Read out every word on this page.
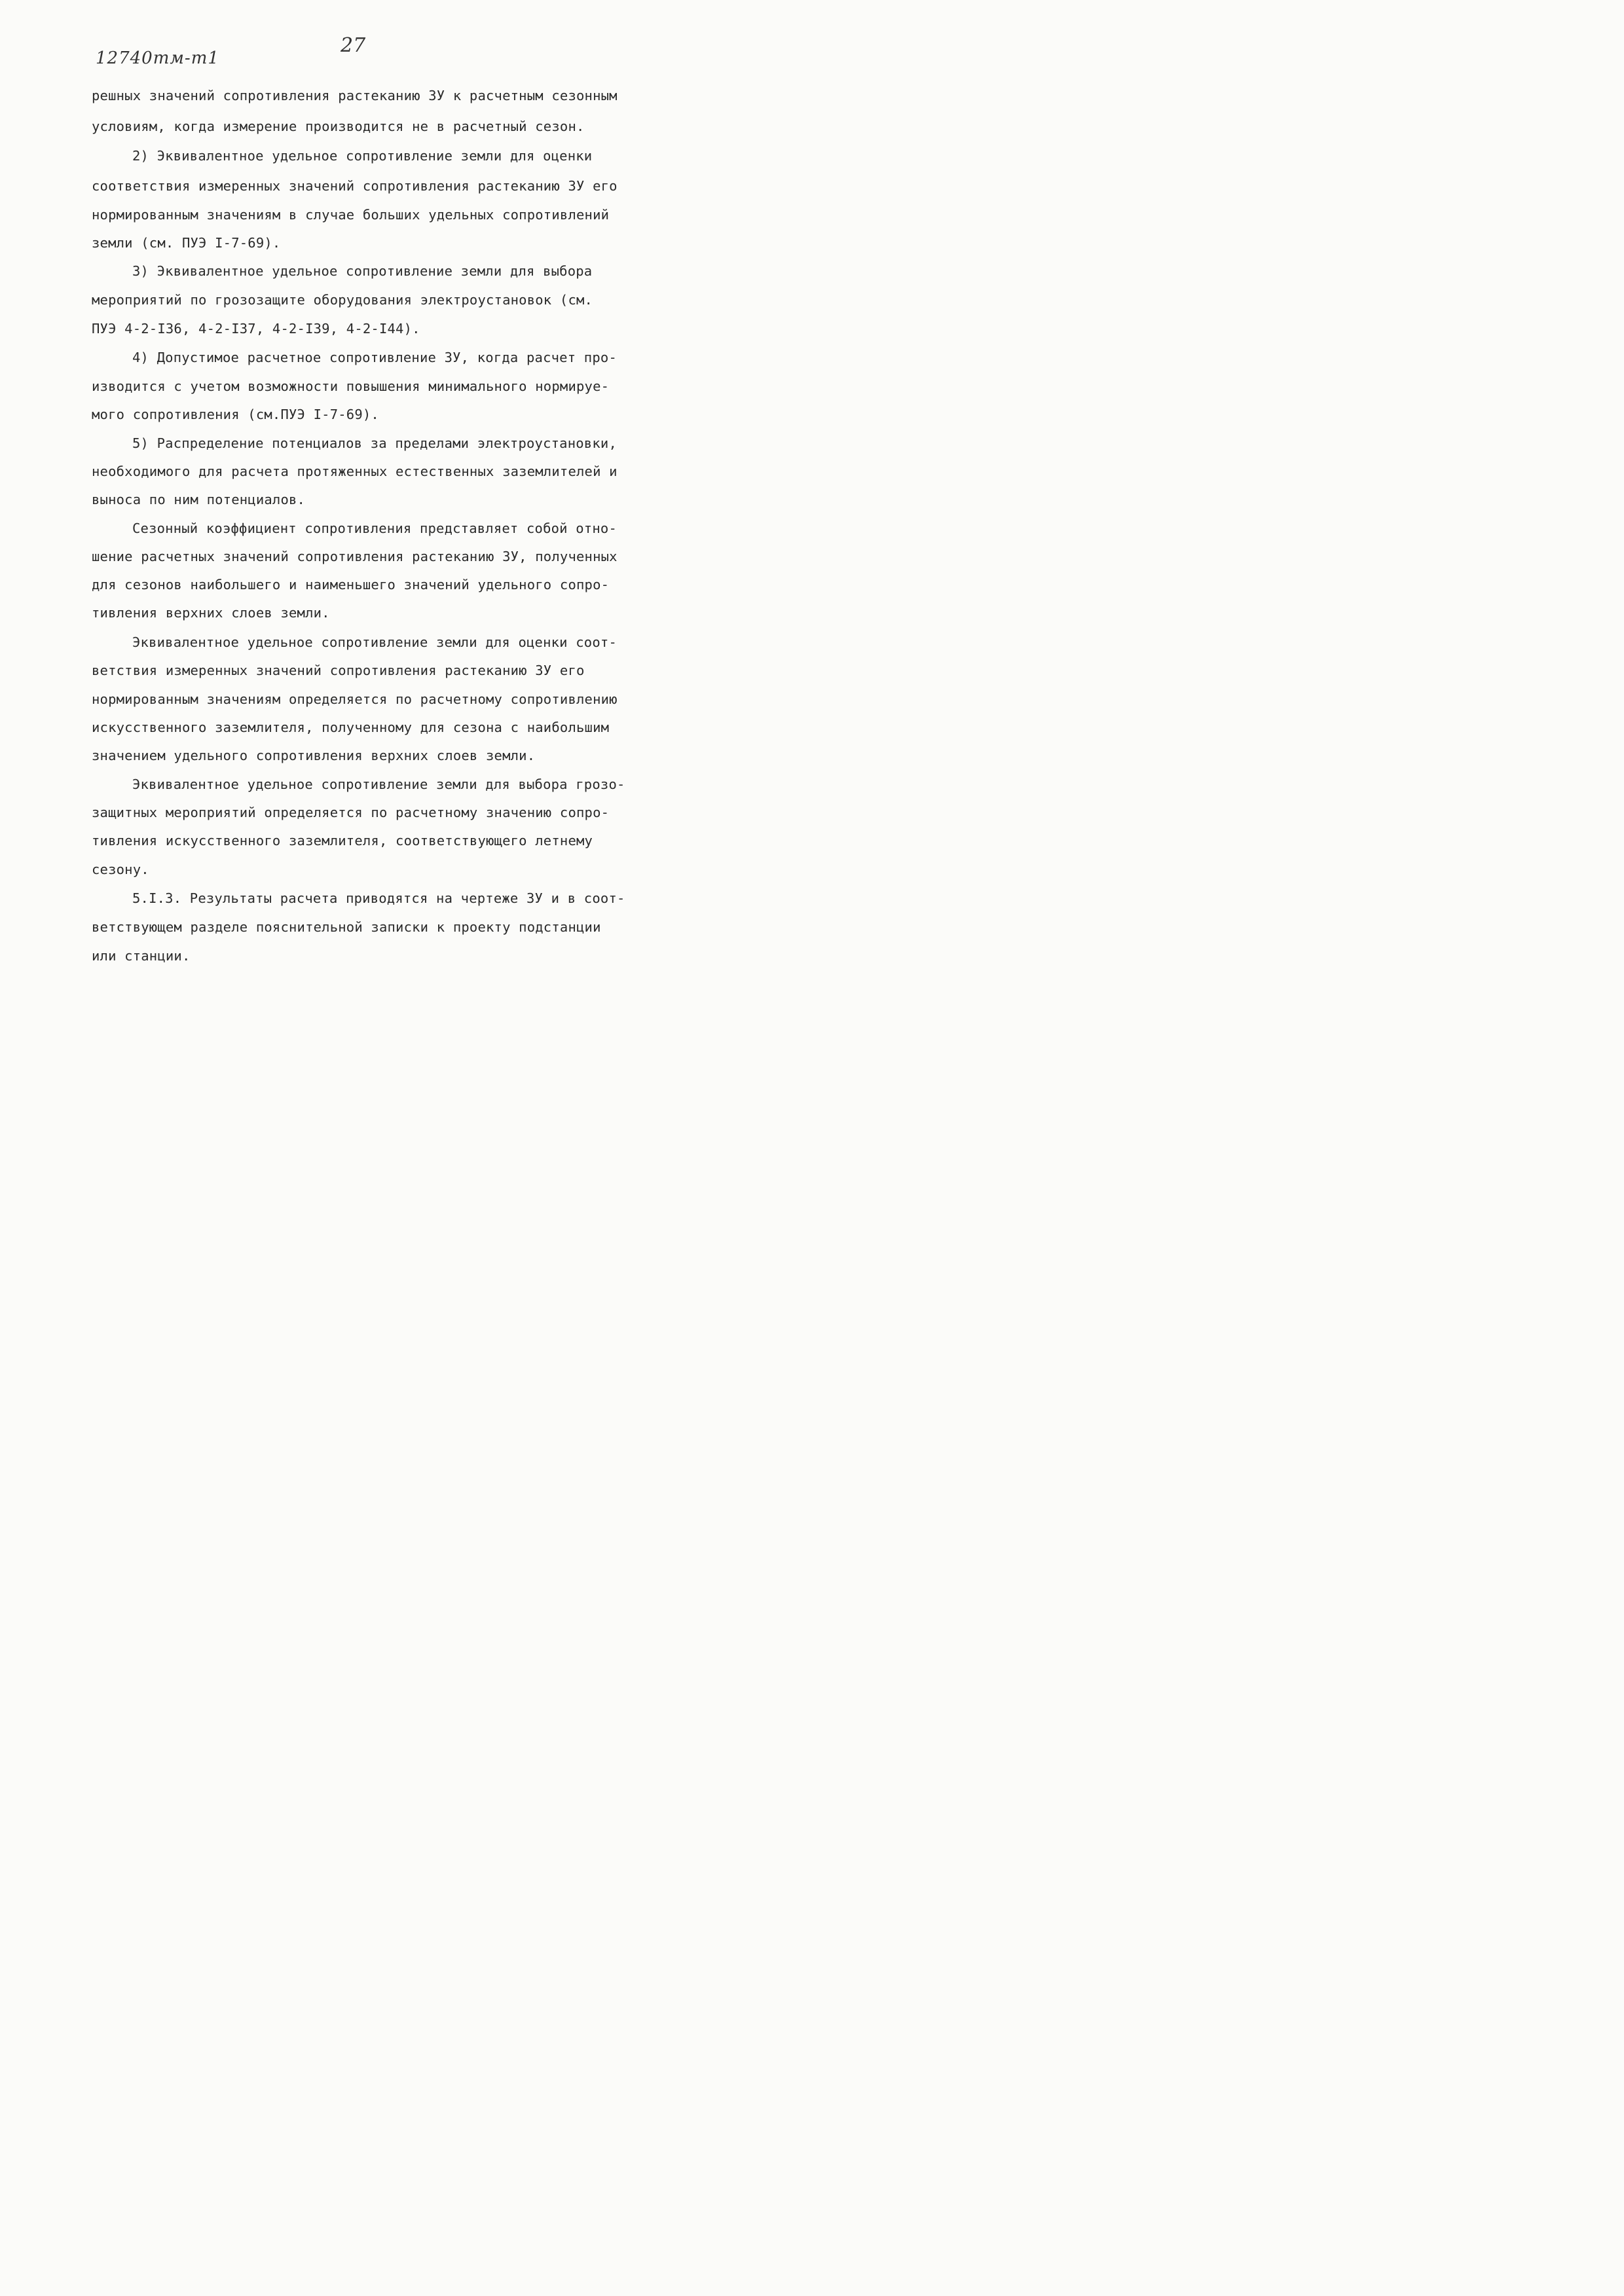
12740тм-т1
27
решных значений сопротивления растеканию ЗУ к расчетным сезонным
условиям, когда измерение производится не в расчетный сезон.
2) Эквивалентное удельное сопротивление земли для оценки
соответствия измеренных значений сопротивления растеканию ЗУ его
нормированным значениям в случае больших удельных сопротивлений
земли (см. ПУЭ I-7-69).
3) Эквивалентное удельное сопротивление земли для выбора
мероприятий по грозозащите оборудования электроустановок (см.
ПУЭ 4-2-I36, 4-2-I37, 4-2-I39, 4-2-I44).
4) Допустимое расчетное сопротивление ЗУ, когда расчет про-
изводится с учетом возможности повышения минимального нормируе-
мого сопротивления (см.ПУЭ I-7-69).
5) Распределение потенциалов за пределами электроустановки,
необходимого для расчета протяженных естественных заземлителей и
выноса по ним потенциалов.
Сезонный коэффициент сопротивления представляет собой отно-
шение расчетных значений сопротивления растеканию ЗУ, полученных
для сезонов наибольшего и наименьшего значений удельного сопро-
тивления верхних слоев земли.
Эквивалентное удельное сопротивление земли для оценки соот-
ветствия измеренных значений сопротивления растеканию ЗУ его
нормированным значениям определяется по расчетному сопротивлению
искусственного заземлителя, полученному для сезона с наибольшим
значением удельного сопротивления верхних слоев земли.
Эквивалентное удельное сопротивление земли для выбора грозо-
защитных мероприятий определяется по расчетному значению сопро-
тивления искусственного заземлителя, соответствующего летнему
сезону.
5.I.3. Результаты расчета приводятся на чертеже ЗУ и в соот-
ветствующем разделе пояснительной записки к проекту подстанции
или станции.
